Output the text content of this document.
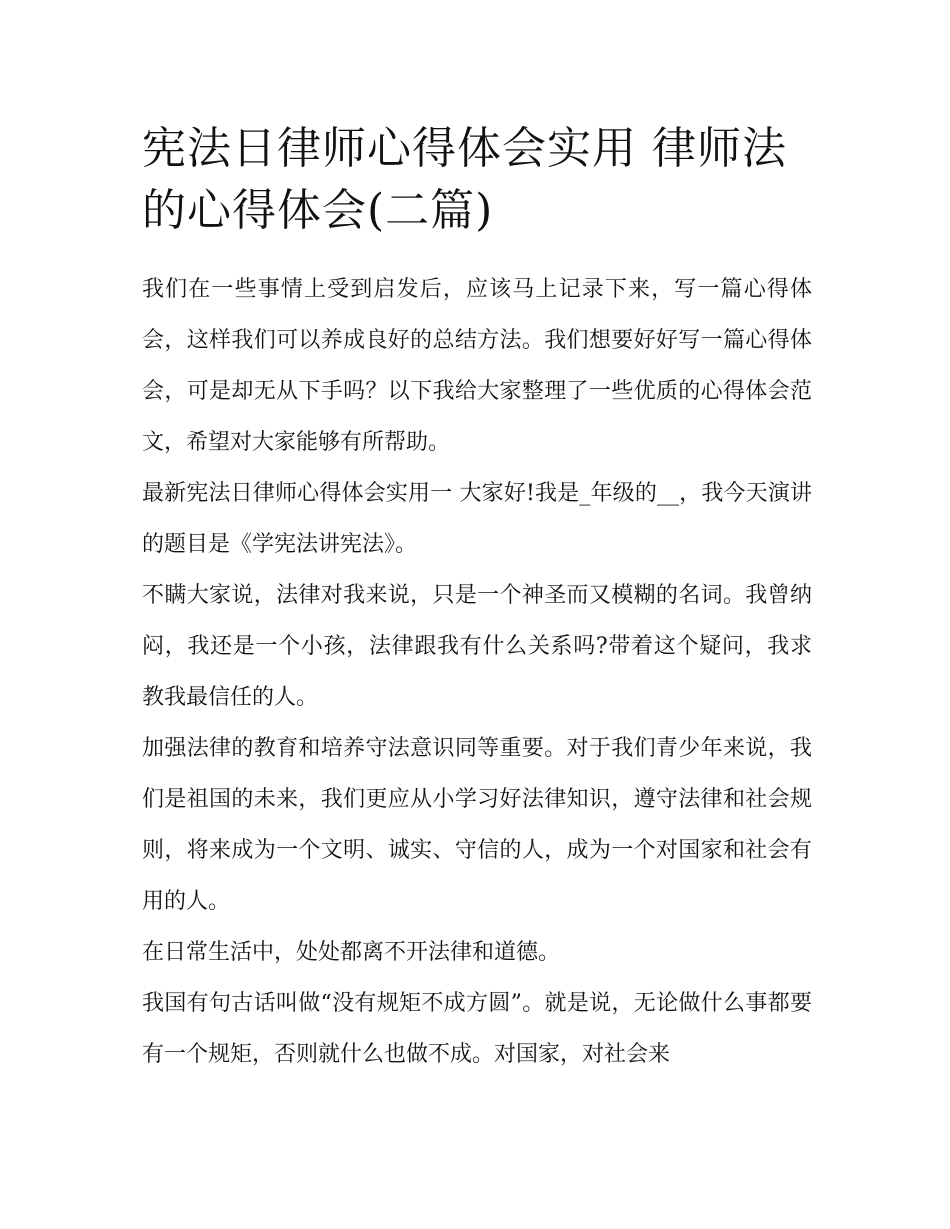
宪法日律师心得体会实用 律师法的心得体会(二篇)

我们在一些事情上受到启发后，应该马上记录下来，写一篇心得体会，这样我们可以养成良好的总结方法。我们想要好好写一篇心得体会，可是却无从下手吗？以下我给大家整理了一些优质的心得体会范文，希望对大家能够有所帮助。

最新宪法日律师心得体会实用一 大家好!我是_年级的__，我今天演讲的题目是《学宪法讲宪法》。

不瞒大家说，法律对我来说，只是一个神圣而又模糊的名词。我曾纳闷，我还是一个小孩，法律跟我有什么关系吗?带着这个疑问，我求教我最信任的人。

加强法律的教育和培养守法意识同等重要。对于我们青少年来说，我们是祖国的未来，我们更应从小学习好法律知识，遵守法律和社会规则，将来成为一个文明、诚实、守信的人，成为一个对国家和社会有用的人。

在日常生活中，处处都离不开法律和道德。

我国有句古话叫做“没有规矩不成方圆”。就是说，无论做什么事都要有一个规矩，否则就什么也做不成。对国家，对社会来
